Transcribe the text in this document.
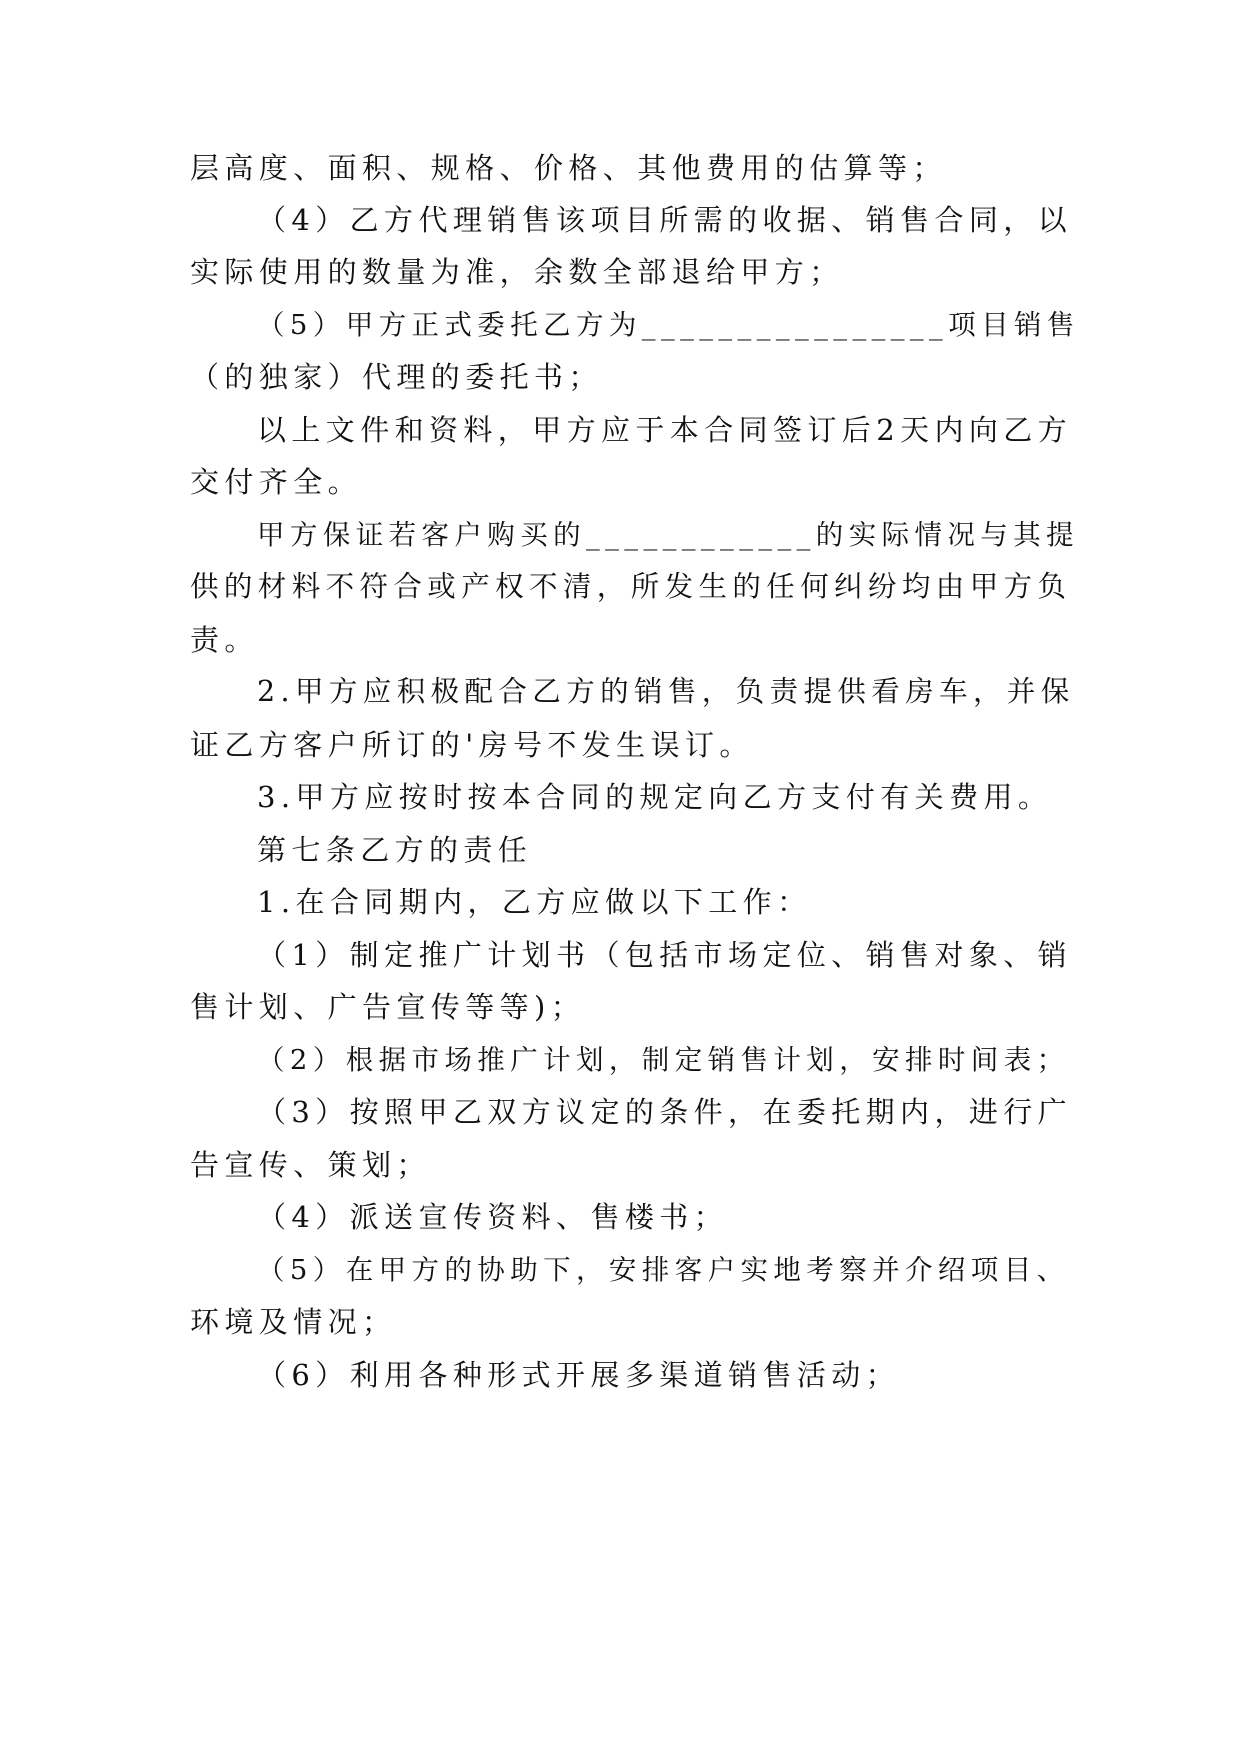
层高度、面积、规格、价格、其他费用的估算等；

（4）乙方代理销售该项目所需的收据、销售合同，以

实际使用的数量为准，余数全部退给甲方；

（5）甲方正式委托乙方为________________项目销售

（的独家）代理的委托书；

以上文件和资料，甲方应于本合同签订后2天内向乙方

交付齐全。

甲方保证若客户购买的____________的实际情况与其提

供的材料不符合或产权不清，所发生的任何纠纷均由甲方负

责。

2.甲方应积极配合乙方的销售，负责提供看房车，并保

证乙方客户所订的'房号不发生误订。

3.甲方应按时按本合同的规定向乙方支付有关费用。

第七条乙方的责任

1.在合同期内，乙方应做以下工作：

（1）制定推广计划书（包括市场定位、销售对象、销

售计划、广告宣传等等)；

（2）根据市场推广计划，制定销售计划，安排时间表；

（3）按照甲乙双方议定的条件，在委托期内，进行广

告宣传、策划；

（4）派送宣传资料、售楼书；

（5）在甲方的协助下，安排客户实地考察并介绍项目、

环境及情况；

（6）利用各种形式开展多渠道销售活动；
